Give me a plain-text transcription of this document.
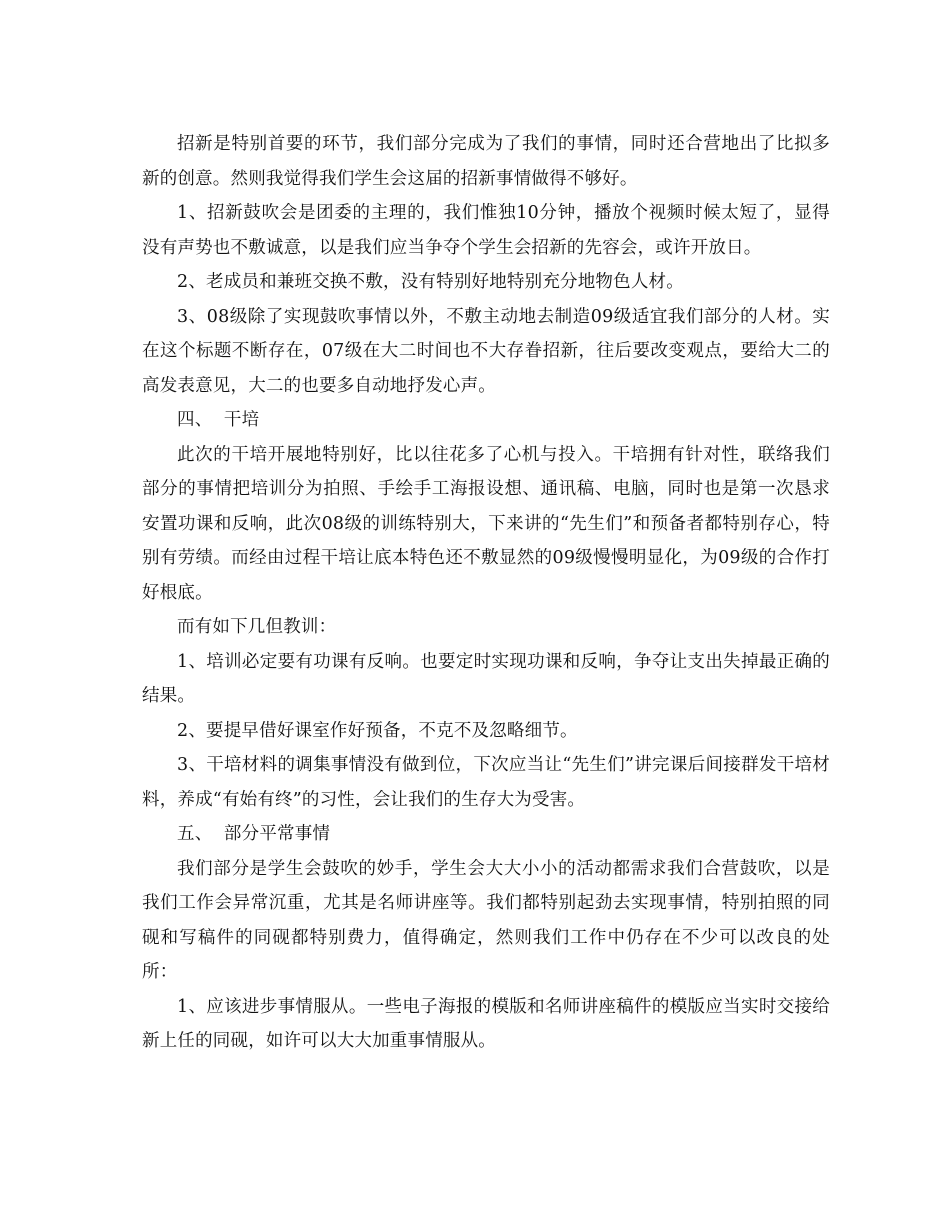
招新是特别首要的环节，我们部分完成为了我们的事情，同时还合营地出了比拟多新的创意。然则我觉得我们学生会这届的招新事情做得不够好。

1、招新鼓吹会是团委的主理的，我们惟独10分钟，播放个视频时候太短了，显得没有声势也不敷诚意，以是我们应当争夺个学生会招新的先容会，或许开放日。

2、老成员和兼班交换不敷，没有特别好地特别充分地物色人材。

3、08级除了实现鼓吹事情以外，不敷主动地去制造09级适宜我们部分的人材。实在这个标题不断存在，07级在大二时间也不大存眷招新，往后要改变观点，要给大二的高发表意见，大二的也要多自动地抒发心声。

四、  干培

此次的干培开展地特别好，比以往花多了心机与投入。干培拥有针对性，联络我们部分的事情把培训分为拍照、手绘手工海报设想、通讯稿、电脑，同时也是第一次恳求安置功课和反响，此次08级的训练特别大，下来讲的“先生们”和预备者都特别存心，特别有劳绩。而经由过程干培让底本特色还不敷显然的09级慢慢明显化，为09级的合作打好根底。

而有如下几但教训：

1、培训必定要有功课有反响。也要定时实现功课和反响，争夺让支出失掉最正确的结果。

2、要提早借好课室作好预备，不克不及忽略细节。

3、干培材料的调集事情没有做到位，下次应当让“先生们”讲完课后间接群发干培材料，养成“有始有终”的习性，会让我们的生存大为受害。

五、  部分平常事情

我们部分是学生会鼓吹的妙手，学生会大大小小的活动都需求我们合营鼓吹，以是我们工作会异常沉重，尤其是名师讲座等。我们都特别起劲去实现事情，特别拍照的同砚和写稿件的同砚都特别费力，值得确定，然则我们工作中仍存在不少可以改良的处所：

1、应该进步事情服从。一些电子海报的模版和名师讲座稿件的模版应当实时交接给新上任的同砚，如许可以大大加重事情服从。
